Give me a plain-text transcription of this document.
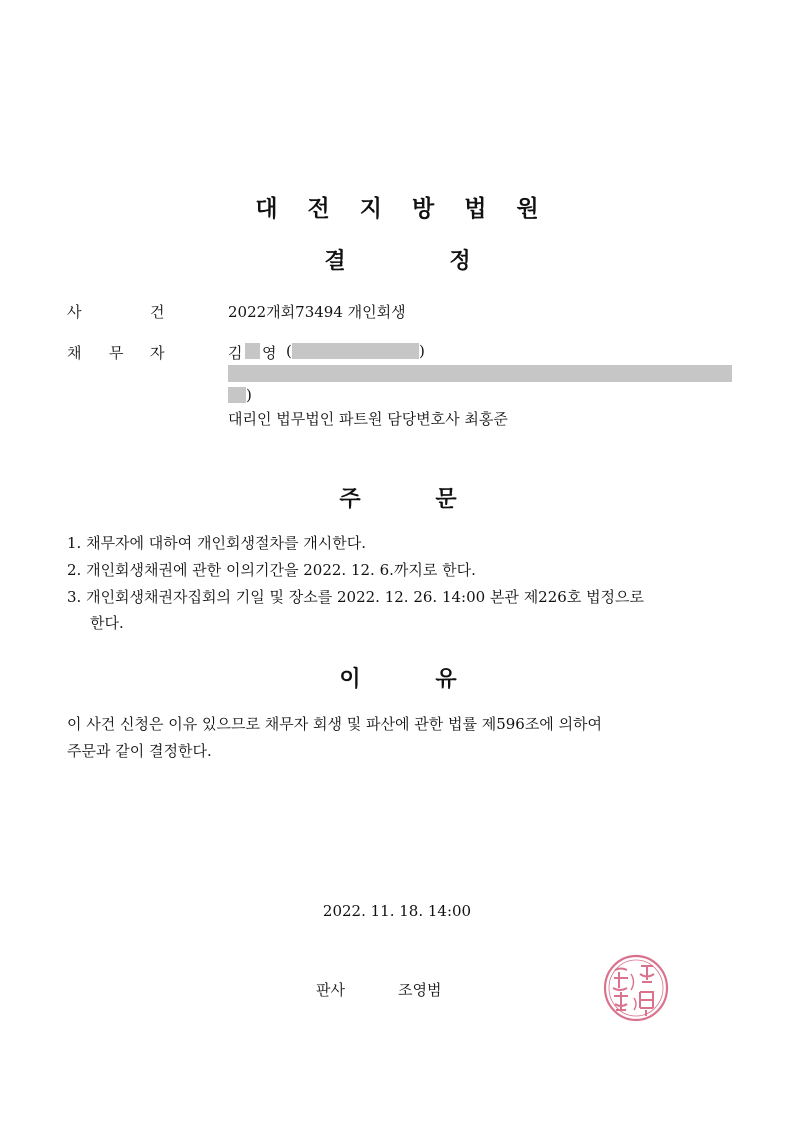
대 전 지 방 법 원
결	정
사	건	2022개회73494 개인회생
채 무 자	김 영 (	)
)
대리인 법무법인 파트원 담당변호사 최홍준
주	문
1. 채무자에 대하여 개인회생절차를 개시한다.
2. 개인회생채권에 관한 이의기간을 2022. 12. 6.까지로 한다.
3. 개인회생채권자집회의 기일 및 장소를 2022. 12. 26. 14:00 본관 제226호 법정으로
한다.
이	유
이 사건 신청은 이유 있으므로 채무자 회생 및 파산에 관한 법률 제596조에 의하여
주문과 같이 결정한다.
2022. 11. 18. 14:00
판사	조영범
